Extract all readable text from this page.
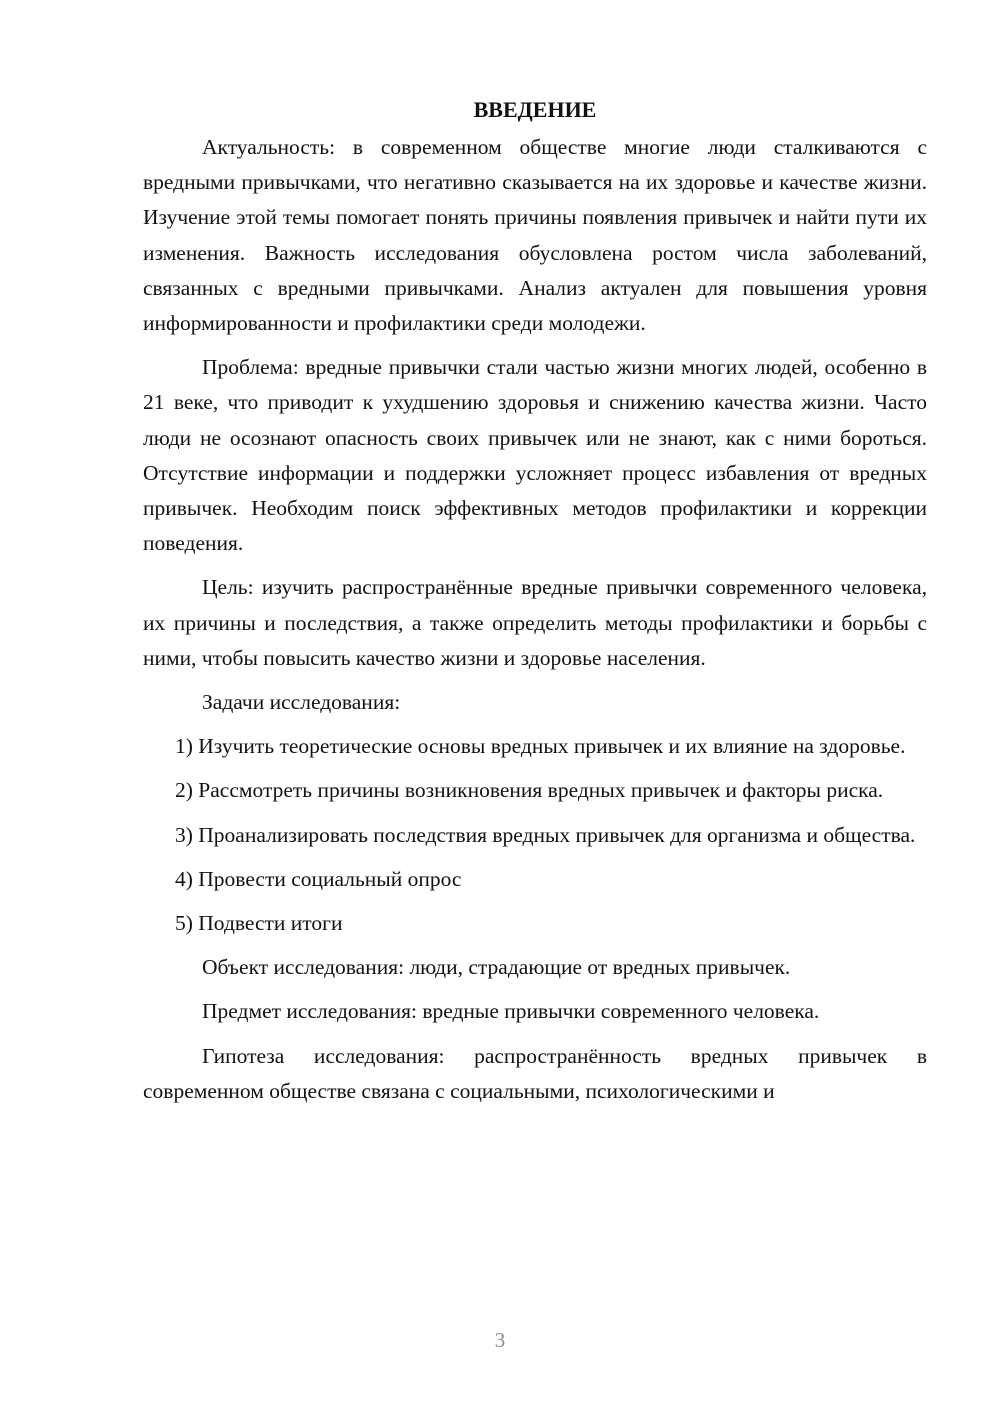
ВВЕДЕНИЕ

Актуальность: в современном обществе многие люди сталкиваются с вредными привычками, что негативно сказывается на их здоровье и качестве жизни. Изучение этой темы помогает понять причины появления привычек и найти пути их изменения. Важность исследования обусловлена ростом числа заболеваний, связанных с вредными привычками. Анализ актуален для повышения уровня информированности и профилактики среди молодежи.

Проблема: вредные привычки стали частью жизни многих людей, особенно в 21 веке, что приводит к ухудшению здоровья и снижению качества жизни. Часто люди не осознают опасность своих привычек или не знают, как с ними бороться. Отсутствие информации и поддержки усложняет процесс избавления от вредных привычек. Необходим поиск эффективных методов профилактики и коррекции поведения.

Цель: изучить распространённые вредные привычки современного человека, их причины и последствия, а также определить методы профилактики и борьбы с ними, чтобы повысить качество жизни и здоровье населения.

Задачи исследования:

1) Изучить теоретические основы вредных привычек и их влияние на здоровье.

2) Рассмотреть причины возникновения вредных привычек и факторы риска.

3) Проанализировать последствия вредных привычек для организма и общества.

4) Провести социальный опрос

5) Подвести итоги

Объект исследования: люди, страдающие от вредных привычек.

Предмет исследования: вредные привычки современного человека.

Гипотеза исследования: распространённость вредных привычек в современном обществе связана с социальными, психологическими и

3
